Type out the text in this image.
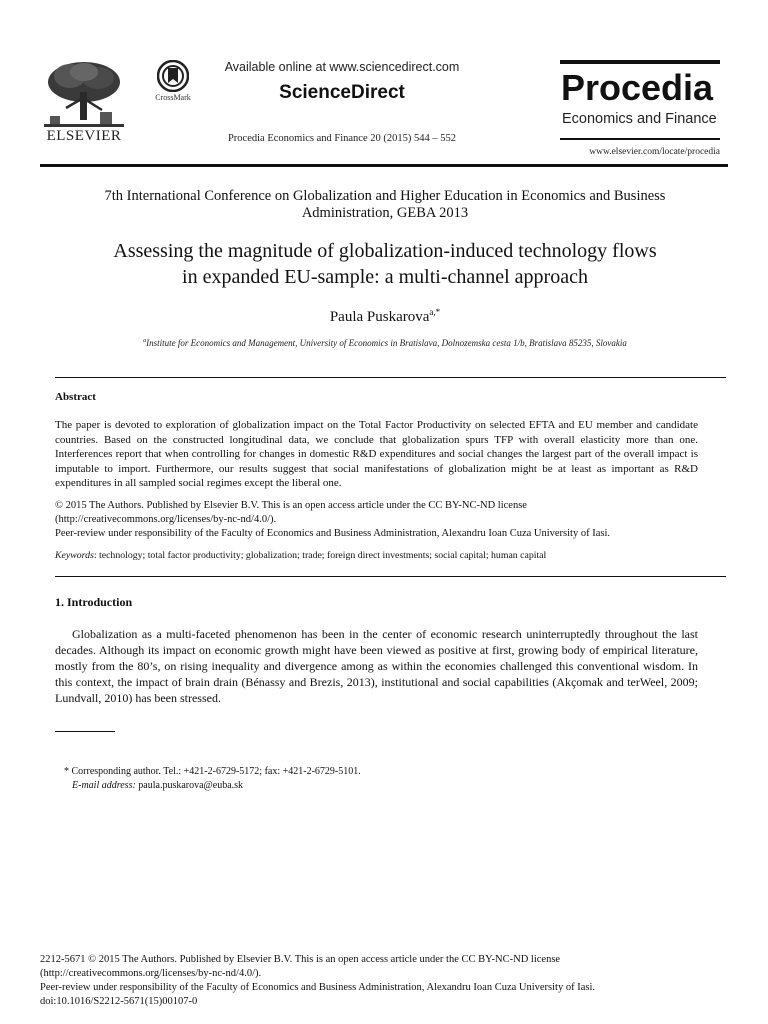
ELSEVIER
CrossMark
Available online at www.sciencedirect.com
ScienceDirect
Procedia Economics and Finance 20 (2015) 544 – 552
Procedia
Economics and Finance
www.elsevier.com/locate/procedia
7th International Conference on Globalization and Higher Education in Economics and Business
Administration, GEBA 2013
Assessing the magnitude of globalization-induced technology flows
in expanded EU-sample: a multi-channel approach
Paula Puskarova$^{a,*}$
$^a$Institute for Economics and Management, University of Economics in Bratislava, Dolnozemska cesta 1/b, Bratislava 85235, Slovakia
Abstract
The paper is devoted to exploration of globalization impact on the Total Factor Productivity on selected EFTA and EU member and candidate countries. Based on the constructed longitudinal data, we conclude that globalization spurs TFP with overall elasticity more than one. Interferences report that when controlling for changes in domestic R&D expenditures and social changes the largest part of the overall impact is imputable to import. Furthermore, our results suggest that social manifestations of globalization might be at least as important as R&D expenditures in all sampled social regimes except the liberal one.
© 2015 The Authors. Published by Elsevier B.V. This is an open access article under the CC BY-NC-ND license
(http://creativecommons.org/licenses/by-nc-nd/4.0/).
Peer-review under responsibility of the Faculty of Economics and Business Administration, Alexandru Ioan Cuza University of Iasi.
Keywords: technology; total factor productivity; globalization; trade; foreign direct investments; social capital; human capital
1. Introduction
Globalization as a multi-faceted phenomenon has been in the center of economic research uninterruptedly throughout the last decades. Although its impact on economic growth might have been viewed as positive at first, growing body of empirical literature, mostly from the 80’s, on rising inequality and divergence among as within the economies challenged this conventional wisdom. In this context, the impact of brain drain (Bénassy and Brezis, 2013), institutional and social capabilities (Akçomak and terWeel, 2009; Lundvall, 2010) has been stressed.
* Corresponding author. Tel.: +421-2-6729-5172; fax: +421-2-6729-5101.
E-mail address: paula.puskarova@euba.sk
2212-5671 © 2015 The Authors. Published by Elsevier B.V. This is an open access article under the CC BY-NC-ND license
(http://creativecommons.org/licenses/by-nc-nd/4.0/).
Peer-review under responsibility of the Faculty of Economics and Business Administration, Alexandru Ioan Cuza University of Iasi.
doi:10.1016/S2212-5671(15)00107-0
